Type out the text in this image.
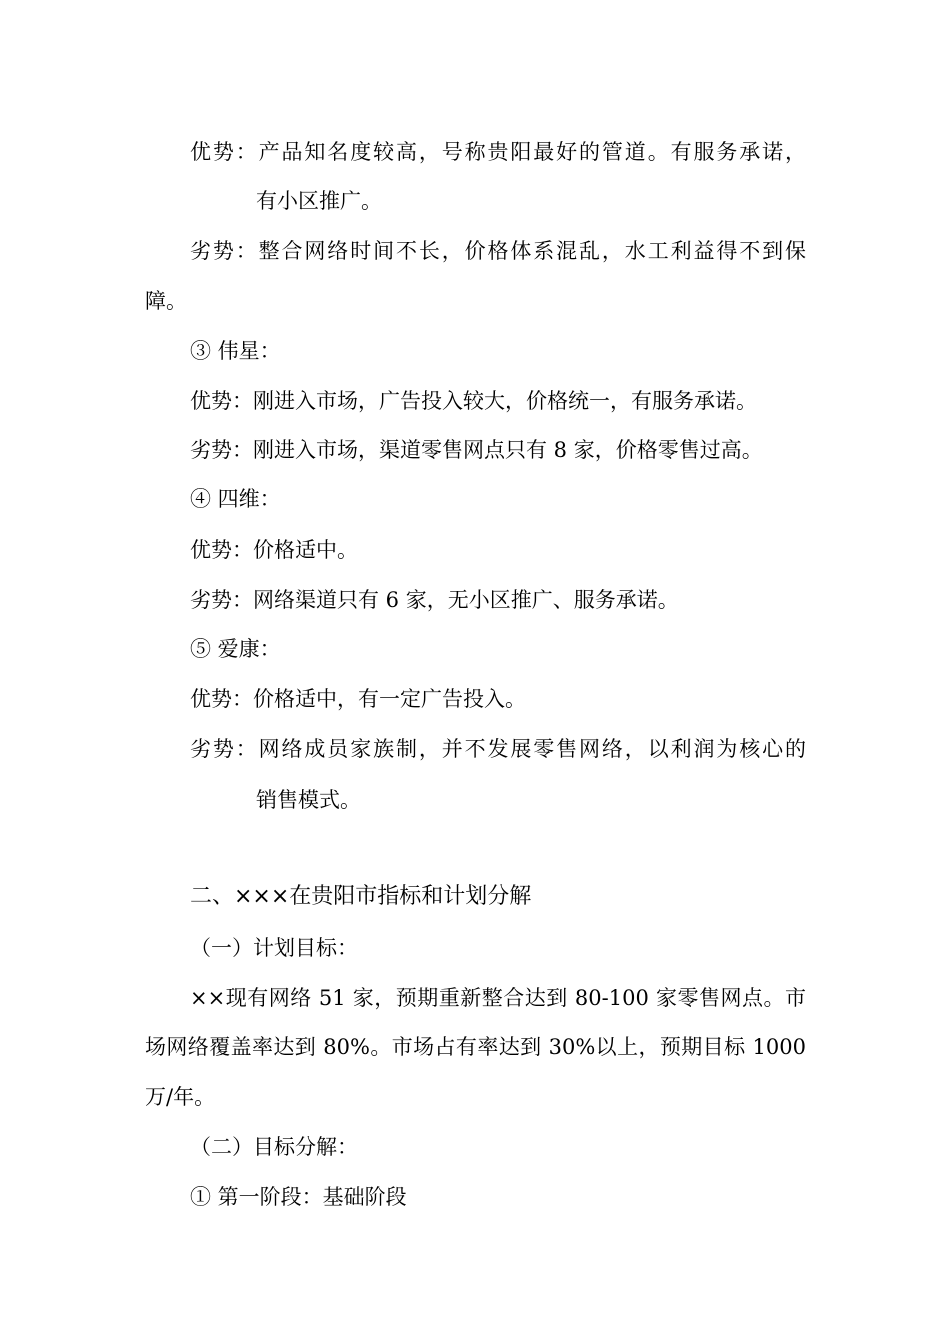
优势：产品知名度较高，号称贵阳最好的管道。有服务承诺，
有小区推广。
劣势：整合网络时间不长，价格体系混乱，水工利益得不到保
障。
③ 伟星：
优势：刚进入市场，广告投入较大，价格统一，有服务承诺。
劣势：刚进入市场，渠道零售网点只有 8 家，价格零售过高。
④ 四维：
优势：价格适中。
劣势：网络渠道只有 6 家，无小区推广、服务承诺。
⑤ 爱康：
优势：价格适中，有一定广告投入。
劣势：网络成员家族制，并不发展零售网络，以利润为核心的
销售模式。
二、×××在贵阳市指标和计划分解
（一）计划目标：
××现有网络 51 家，预期重新整合达到 80-100 家零售网点。市
场网络覆盖率达到 80%。市场占有率达到 30%以上，预期目标 1000
万/年。
（二）目标分解：
① 第一阶段：基础阶段
